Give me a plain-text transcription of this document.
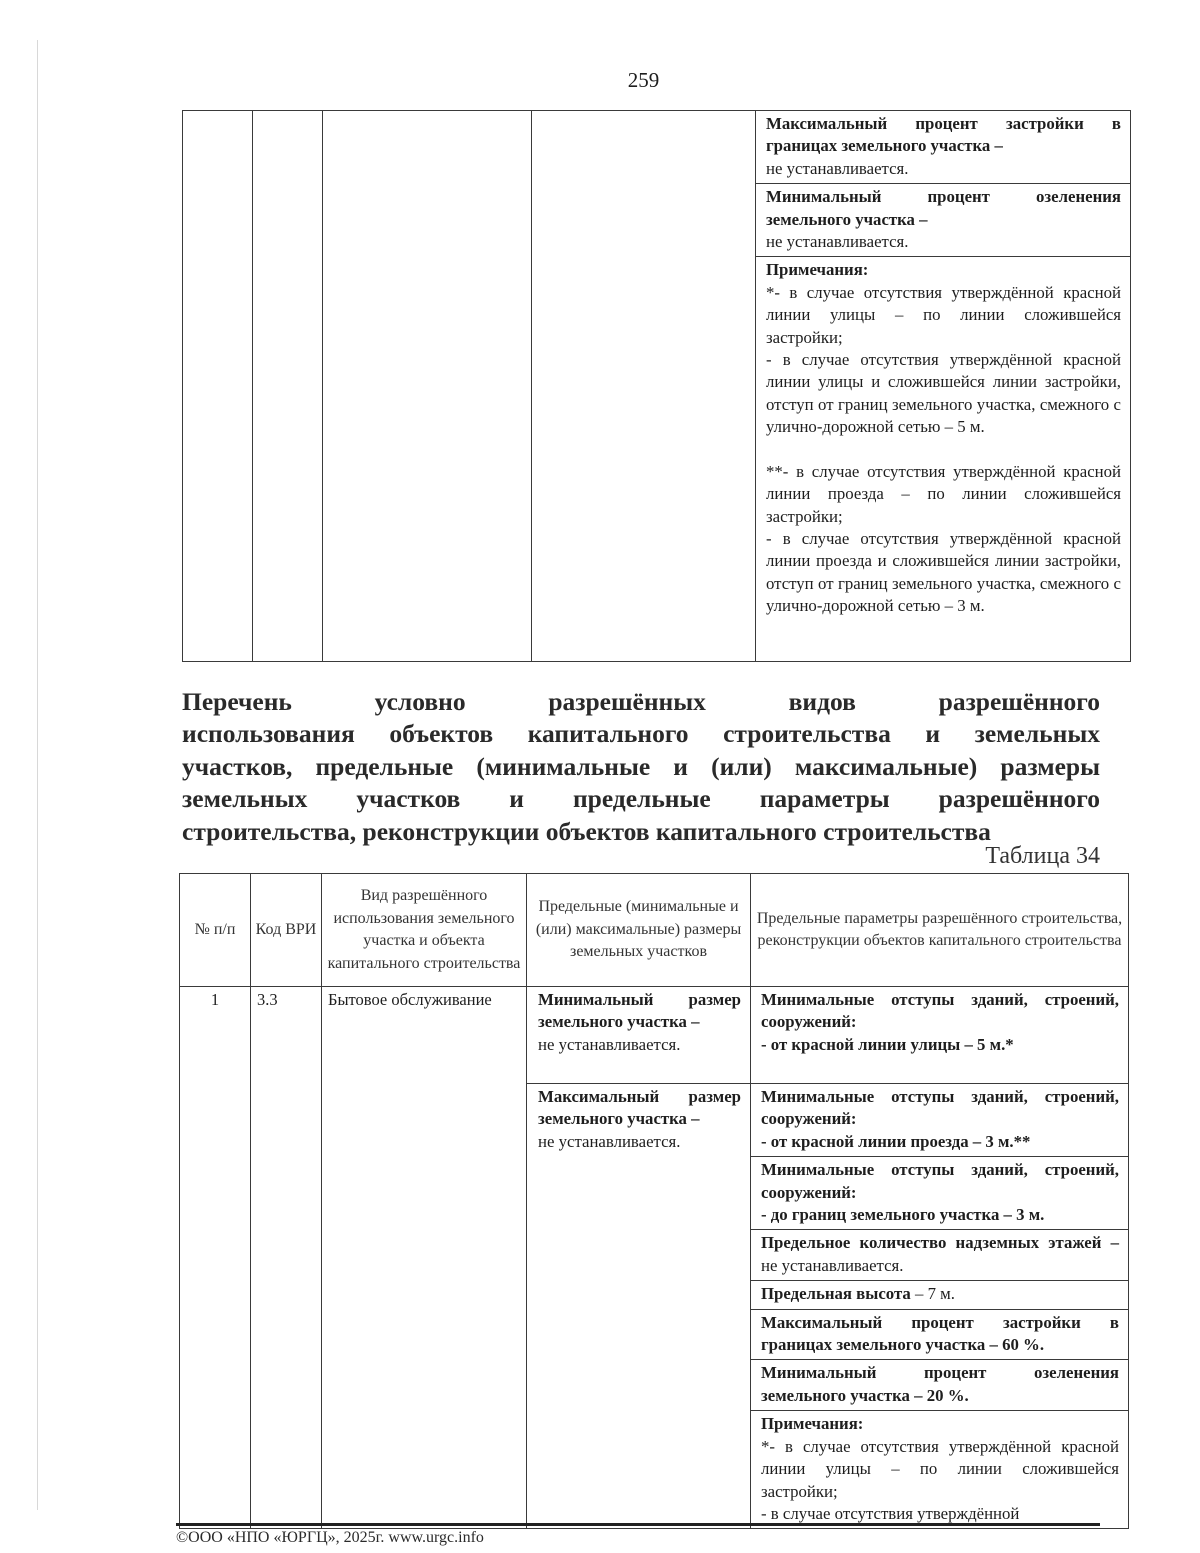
259
				Максимальный процент застройки в границах земельного участка –
не устанавливается.
Минимальный процент озеленения земельного участка –
не устанавливается.

Примечания:
*- в случае отсутствия утверждённой красной линии улицы – по линии сложившейся застройки;
- в случае отсутствия утверждённой красной линии улицы и сложившейся линии застройки, отступ от границ земельного участка, смежного с улично-дорожной сетью – 5 м.
**- в случае отсутствия утверждённой красной линии проезда – по линии сложившейся застройки;
- в случае отсутствия утверждённой красной линии проезда и сложившейся линии застройки, отступ от границ земельного участка, смежного с улично-дорожной сетью – 3 м.
Перечень условно разрешённых видов разрешённого
использования объектов капитального строительства и земельных
участков, предельные (минимальные и (или) максимальные) размеры
земельных участков и предельные параметры разрешённого
строительства, реконструкции объектов капитального строительства
Таблица 34
№ п/п	Код ВРИ	Вид разрешённого использования земельного участка и объекта капитального строительства	Предельные (минимальные и (или) максимальные) размеры земельных участков	Предельные параметры разрешённого строительства, реконструкции объектов капитального строительства
1	3.3	Бытовое обслуживание	Минимальный размер земельного участка –
не устанавливается.	Минимальные отступы зданий, строений, сооружений:
- от красной линии улицы – 5 м.*
			Максимальный размер земельного участка –
не устанавливается.	Минимальные отступы зданий, строений, сооружений:
- от красной линии проезда – 3 м.**
				Минимальные отступы зданий, строений, сооружений:
- до границ земельного участка – 3 м.
				Предельное количество надземных этажей – не устанавливается.
				Предельная высота – 7 м.
				Максимальный процент застройки в границах земельного участка – 60 %.
				Минимальный процент озеленения земельного участка – 20 %.

				Примечания:
*- в случае отсутствия утверждённой красной линии улицы – по линии сложившейся застройки;
- в случае отсутствия утверждённой
©ООО «НПО «ЮРГЦ», 2025г. www.urgc.info
